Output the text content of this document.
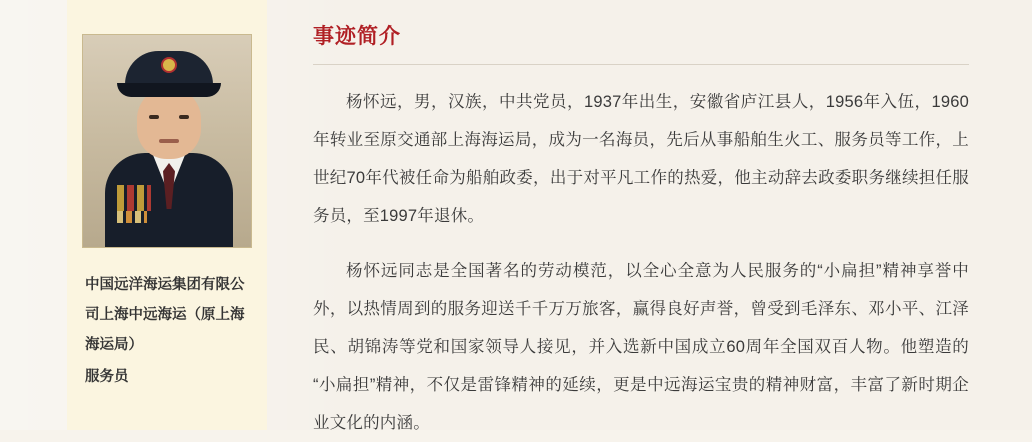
中国远洋海运集团有限公司上海中远海运（原上海海运局）
服务员
事迹简介

杨怀远，男，汉族，中共党员，1937年出生，安徽省庐江县人，1956年入伍，1960年转业至原交通部上海海运局，成为一名海员，先后从事船舶生火工、服务员等工作，上世纪70年代被任命为船舶政委，出于对平凡工作的热爱，他主动辞去政委职务继续担任服务员，至1997年退休。

杨怀远同志是全国著名的劳动模范，以全心全意为人民服务的“小扁担”精神享誉中外，以热情周到的服务迎送千千万万旅客，赢得良好声誉，曾受到毛泽东、邓小平、江泽民、胡锦涛等党和国家领导人接见，并入选新中国成立60周年全国双百人物。他塑造的“小扁担”精神，不仅是雷锋精神的延续，更是中远海运宝贵的精神财富，丰富了新时期企业文化的内涵。
